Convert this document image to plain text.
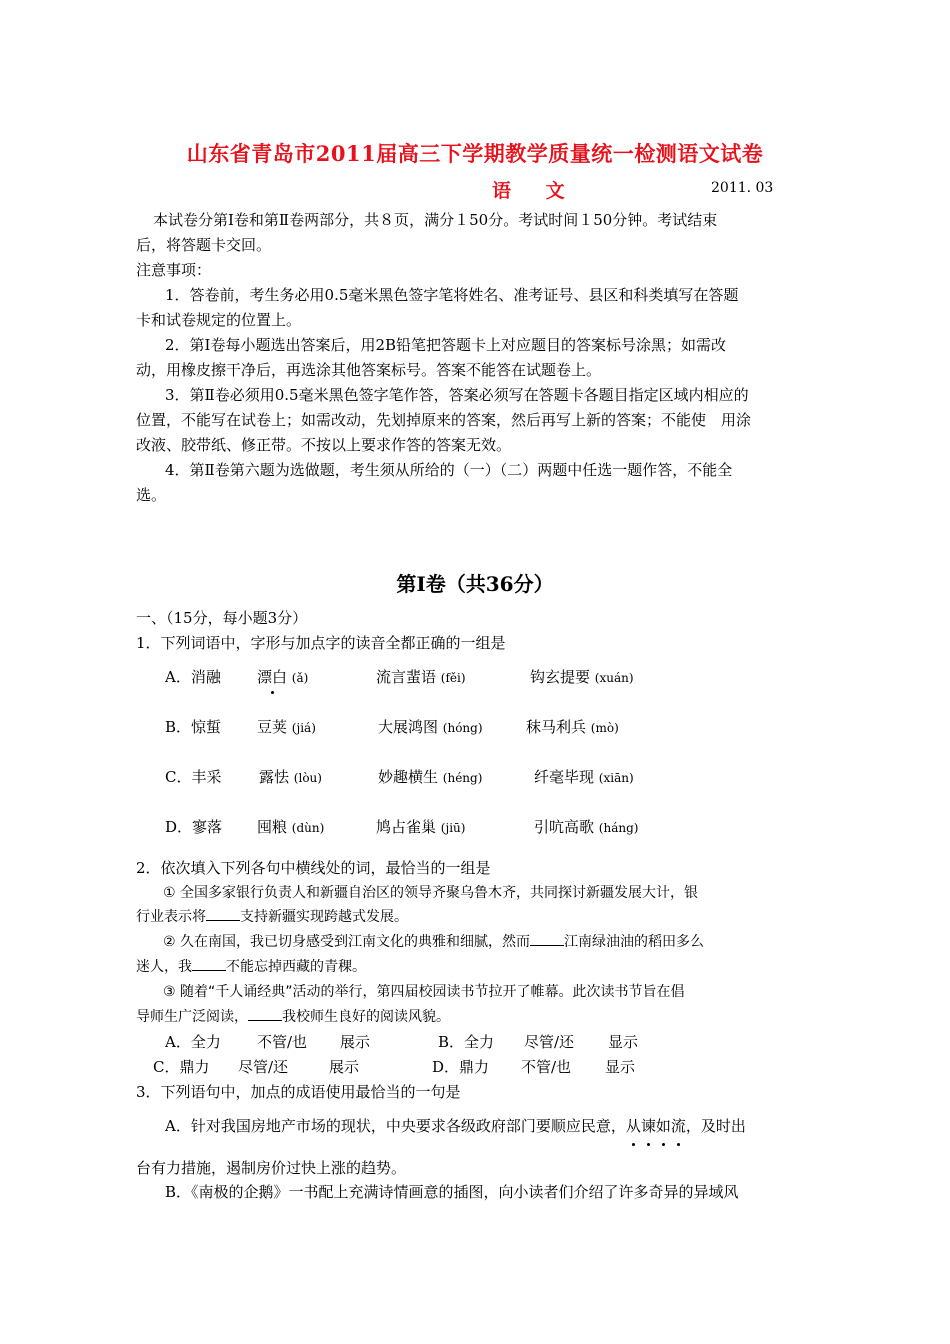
山东省青岛市2011届高三下学期教学质量统一检测语文试卷
语 文	2011. 03
本试卷分第Ⅰ卷和第Ⅱ卷两部分，共８页，满分１50分。考试时间１50分钟。考试结束
后，将答题卡交回。
注意事项：
1．答卷前，考生务必用0.5毫米黑色签字笔将姓名、准考证号、县区和科类填写在答题
卡和试卷规定的位置上。
2．第Ⅰ卷每小题选出答案后，用2B铅笔把答题卡上对应题目的答案标号涂黑；如需改
动，用橡皮擦干净后，再选涂其他答案标号。答案不能答在试题卷上。
3．第Ⅱ卷必须用0.5毫米黑色签字笔作答，答案必须写在答题卡各题目指定区域内相应的
位置，不能写在试卷上；如需改动，先划掉原来的答案，然后再写上新的答案；不能使　用涂
改液、胶带纸、修正带。不按以上要求作答的答案无效。
4．第Ⅱ卷第六题为选做题，考生须从所给的（一）（二）两题中任选一题作答，不能全
选。
第Ⅰ卷（共36分）
一、（15分，每小题3分）
1．下列词语中，字形与加点字的读音全都正确的一组是
A．消融 漂白 (ǎ)	流言蜚语 (fěi)	钩玄提要 (xuán)
B．惊蜇 豆荚 (jiá)	大展鸿图 (hóng)	秣马利兵 (mò)
C．丰采	露怯 (lòu)	妙趣横生 (héng)	纤毫毕现 (xiān)
D．寥落 囤粮 (dùn)	鸠占雀巢 (jiū)	引吭高歌 (háng)
2．依次填入下列各句中横线处的词，最恰当的一组是
① 全国多家银行负责人和新疆自治区的领导齐聚乌鲁木齐，共同探讨新疆发展大计，银
行业表示将 支持新疆实现跨越式发展。
② 久在南国，我已切身感受到江南文化的典雅和细腻，然而 江南绿油油的稻田多么
迷人，我 不能忘掉西藏的青稞。
③ 随着“千人诵经典”活动的举行，第四届校园读书节拉开了帷幕。此次读书节旨在倡
导师生广泛阅读， 我校师生良好的阅读风貌。
A．全力 不管/也 展示	B．全力 尽管/还 显示
C．鼎力 尽管/还	展示	D．鼎力 不管/也 显示
3．下列语句中，加点的成语使用最恰当的一句是
A．针对我国房地产市场的现状，中央要求各级政府部门要顺应民意，从谏如流，及时出
台有力措施，遏制房价过快上涨的趋势。
B．《南极的企鹅》一书配上充满诗情画意的插图，向小读者们介绍了许多奇异的异域风
